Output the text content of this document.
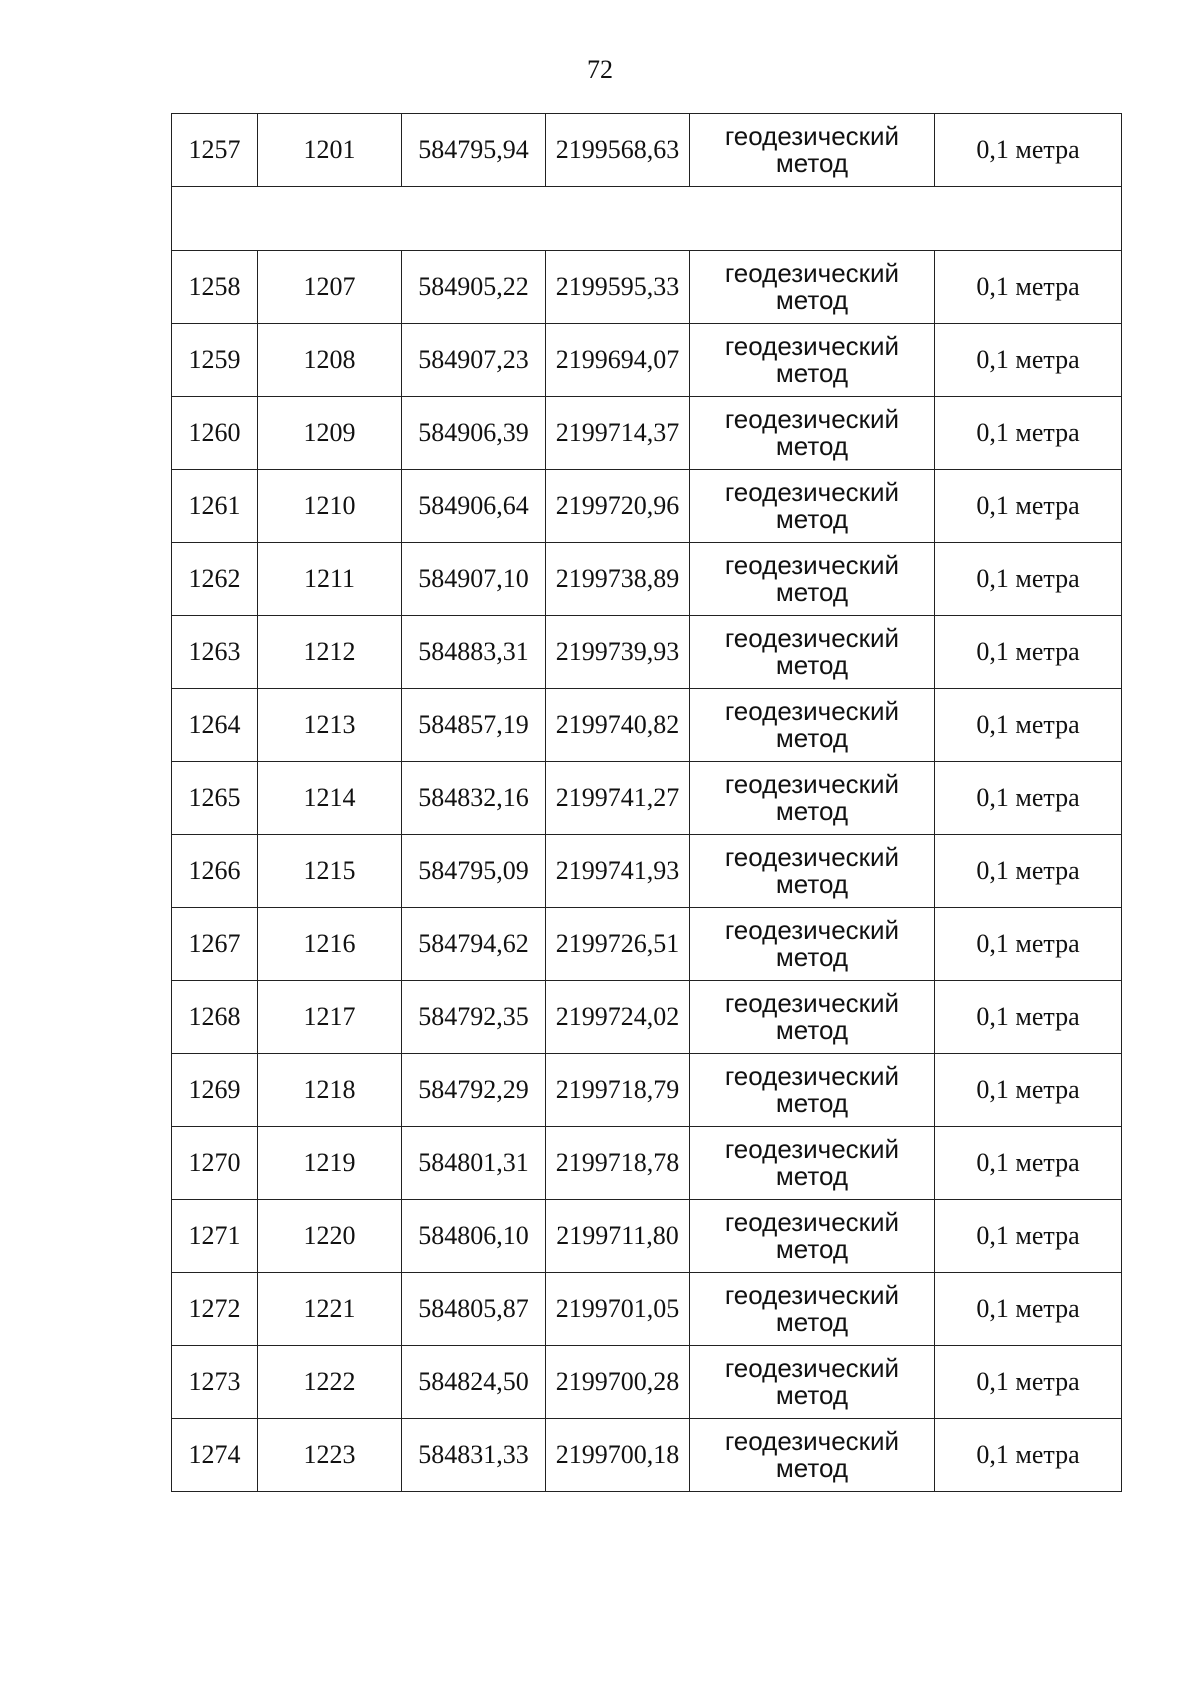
72
1257	1201	584795,94	2199568,63	геодезический метод	0,1 метра

1258	1207	584905,22	2199595,33	геодезический метод	0,1 метра
1259	1208	584907,23	2199694,07	геодезический метод	0,1 метра
1260	1209	584906,39	2199714,37	геодезический метод	0,1 метра
1261	1210	584906,64	2199720,96	геодезический метод	0,1 метра
1262	1211	584907,10	2199738,89	геодезический метод	0,1 метра
1263	1212	584883,31	2199739,93	геодезический метод	0,1 метра
1264	1213	584857,19	2199740,82	геодезический метод	0,1 метра
1265	1214	584832,16	2199741,27	геодезический метод	0,1 метра
1266	1215	584795,09	2199741,93	геодезический метод	0,1 метра
1267	1216	584794,62	2199726,51	геодезический метод	0,1 метра
1268	1217	584792,35	2199724,02	геодезический метод	0,1 метра
1269	1218	584792,29	2199718,79	геодезический метод	0,1 метра
1270	1219	584801,31	2199718,78	геодезический метод	0,1 метра
1271	1220	584806,10	2199711,80	геодезический метод	0,1 метра
1272	1221	584805,87	2199701,05	геодезический метод	0,1 метра
1273	1222	584824,50	2199700,28	геодезический метод	0,1 метра
1274	1223	584831,33	2199700,18	геодезический метод	0,1 метра
